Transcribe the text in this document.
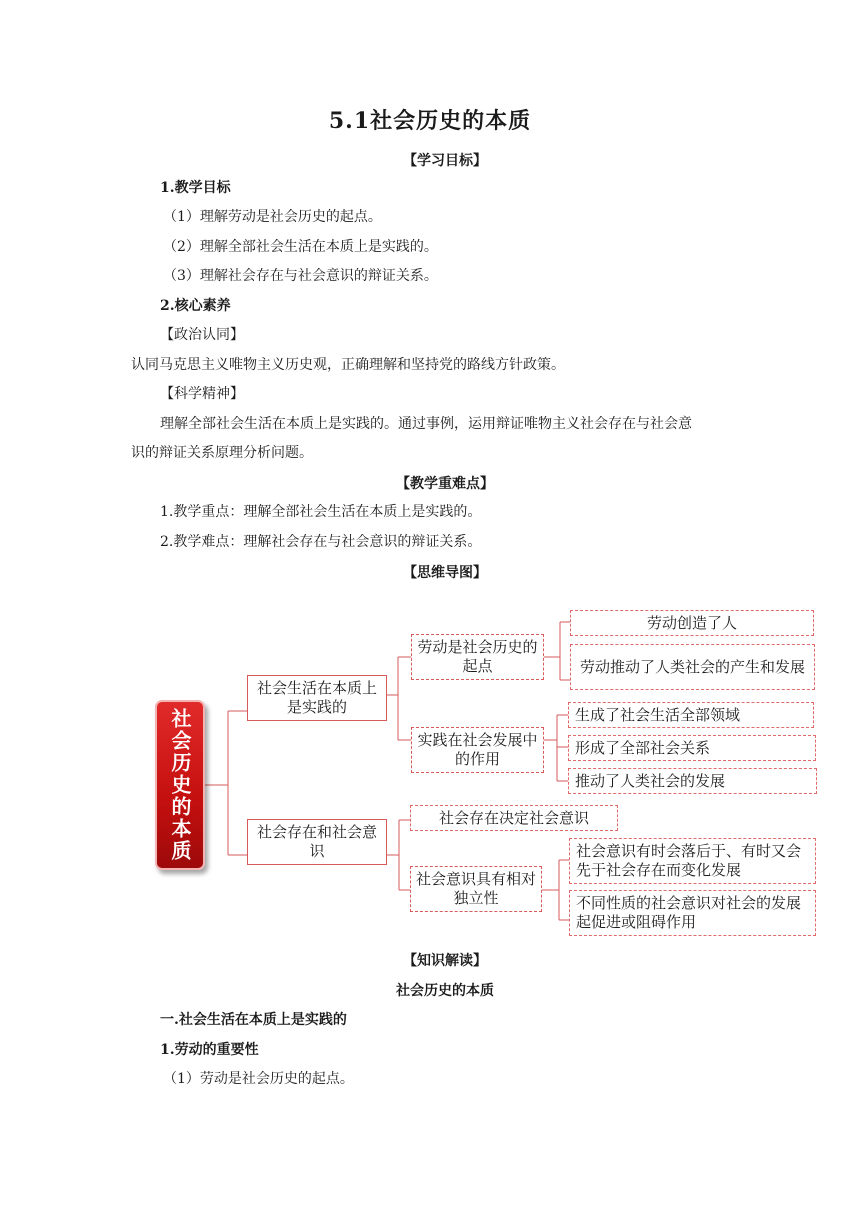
5.1社会历史的本质
【学习目标】
1.教学目标
（1）理解劳动是社会历史的起点。
（2）理解全部社会生活在本质上是实践的。
（3）理解社会存在与社会意识的辩证关系。
2.核心素养
【政治认同】
认同马克思主义唯物主义历史观，正确理解和坚持党的路线方针政策。
【科学精神】
理解全部社会生活在本质上是实践的。通过事例，运用辩证唯物主义社会存在与社会意
识的辩证关系原理分析问题。
【教学重难点】
1.教学重点：理解全部社会生活在本质上是实践的。
2.教学难点：理解社会存在与社会意识的辩证关系。
【思维导图】
社会历史的本质
社会生活在本质上是实践的
劳动是社会历史的起点
劳动创造了人
劳动推动了人类社会的产生和发展
实践在社会发展中的作用
生成了社会生活全部领域
形成了全部社会关系
推动了人类社会的发展
社会存在和社会意识
社会存在决定社会意识
社会意识具有相对独立性
社会意识有时会落后于、有时又会先于社会存在而变化发展
不同性质的社会意识对社会的发展起促进或阻碍作用
【知识解读】
社会历史的本质
一.社会生活在本质上是实践的
1.劳动的重要性
（1）劳动是社会历史的起点。
